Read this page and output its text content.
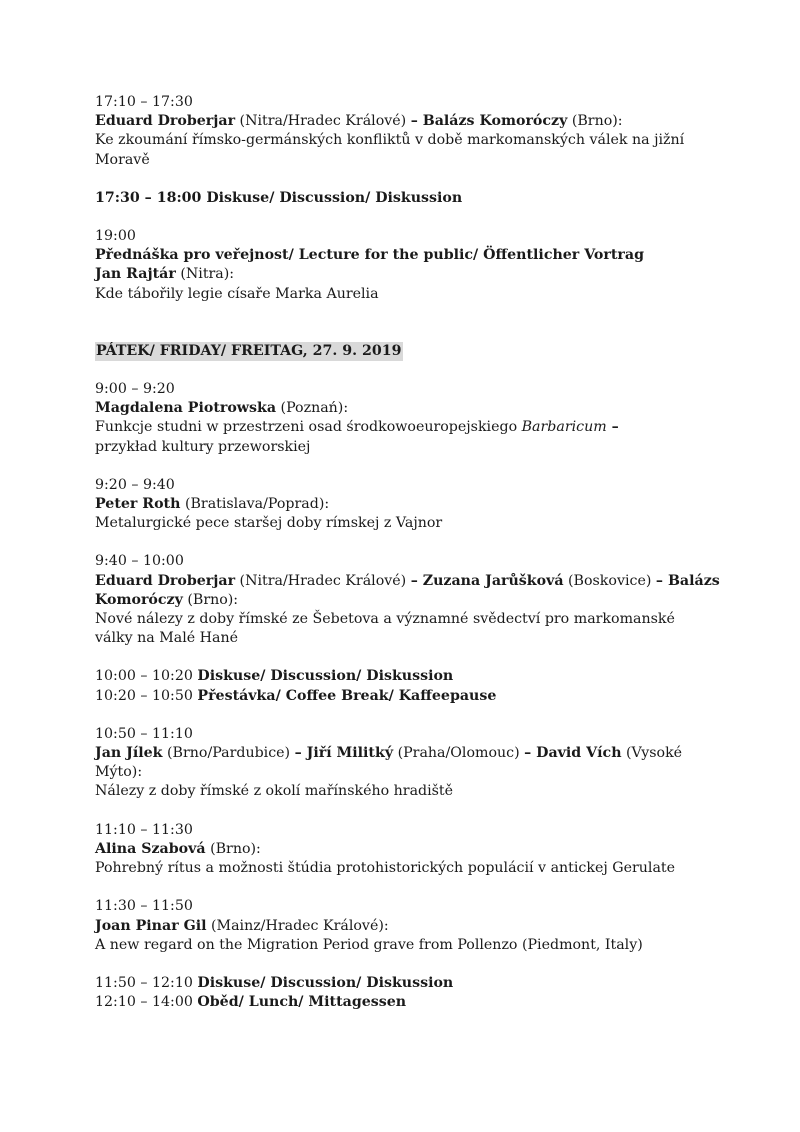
17:10 – 17:30
Eduard Droberjar (Nitra/Hradec Králové) – Balázs Komoróczy (Brno):
Ke zkoumání římsko-germánských konfliktů v době markomanských válek na jižní Moravě
17:30 – 18:00 Diskuse/ Discussion/ Diskussion
19:00
Přednáška pro veřejnost/ Lecture for the public/ Öffentlicher Vortrag
Jan Rajtár (Nitra):
Kde tábořily legie císaře Marka Aurelia
PÁTEK/ FRIDAY/ FREITAG, 27. 9. 2019
9:00 – 9:20
Magdalena Piotrowska (Poznań):
Funkcje studni w przestrzeni osad środkowoeuropejskiego Barbaricum –
przykład kultury przeworskiej
9:20 – 9:40
Peter Roth (Bratislava/Poprad):
Metalurgické pece staršej doby rímskej z Vajnor
9:40 – 10:00
Eduard Droberjar (Nitra/Hradec Králové) – Zuzana Jarůšková (Boskovice) – Balázs Komoróczy (Brno):
Nové nálezy z doby římské ze Šebetova a významné svědectví pro markomanské války na Malé Hané
10:00 – 10:20 Diskuse/ Discussion/ Diskussion
10:20 – 10:50 Přestávka/ Coffee Break/ Kaffeepause
10:50 – 11:10
Jan Jílek (Brno/Pardubice) – Jiří Militký (Praha/Olomouc) – David Vích (Vysoké Mýto):
Nálezy z doby římské z okolí mařínského hradiště
11:10 – 11:30
Alina Szabová (Brno):
Pohrebný rítus a možnosti štúdia protohistorických populácií v antickej Gerulate
11:30 – 11:50
Joan Pinar Gil (Mainz/Hradec Králové):
A new regard on the Migration Period grave from Pollenzo (Piedmont, Italy)
11:50 – 12:10 Diskuse/ Discussion/ Diskussion
12:10 – 14:00 Oběd/ Lunch/ Mittagessen
